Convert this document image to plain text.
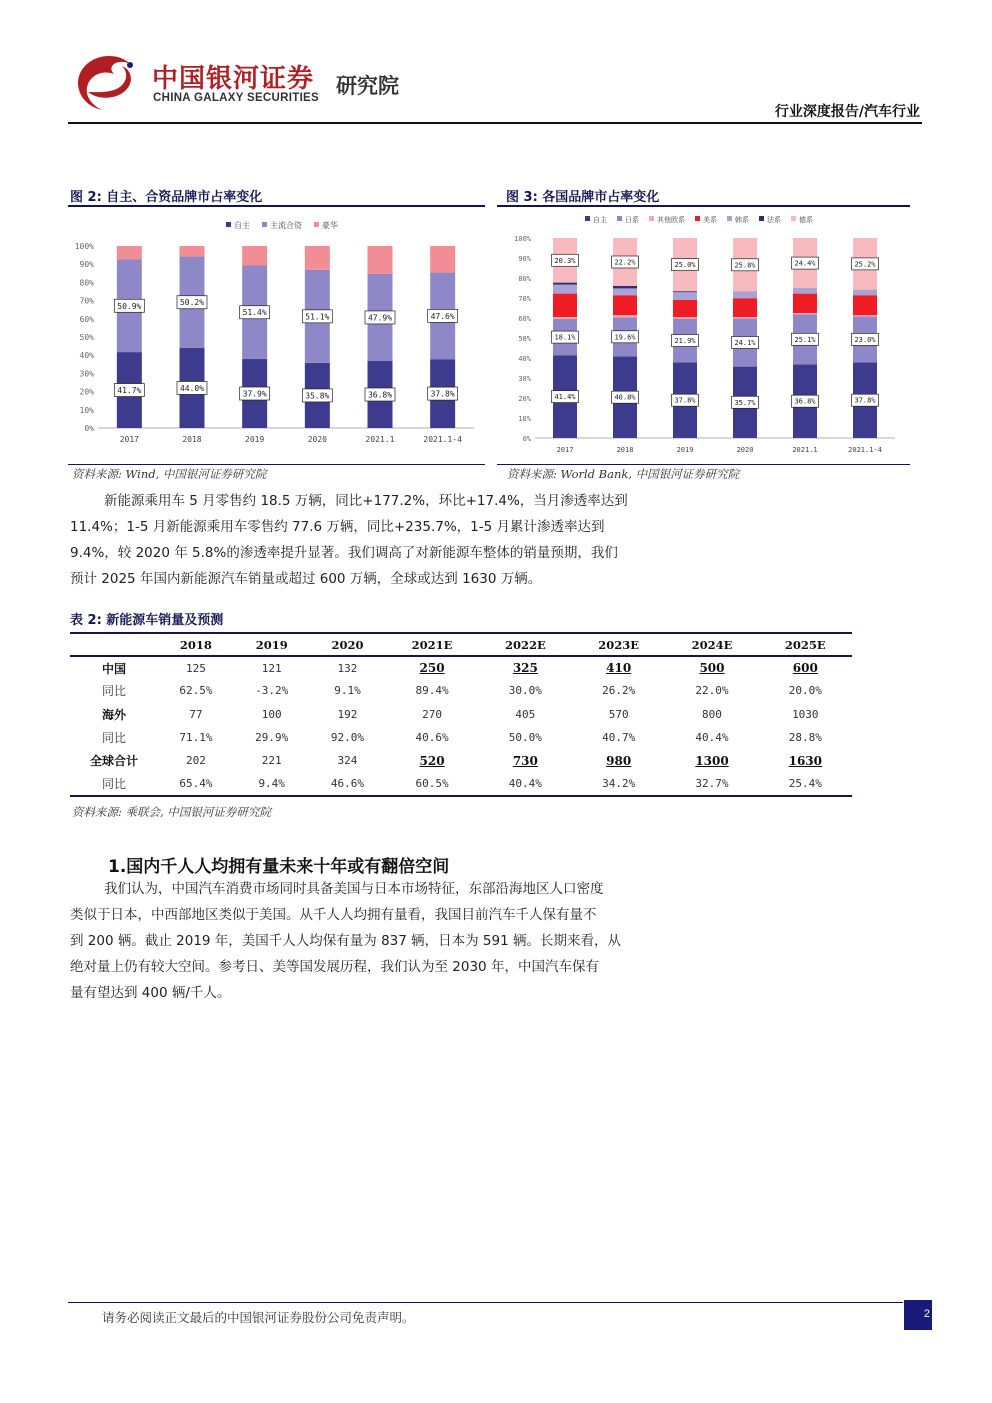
中国银河证券
CHINA GALAXY SECURITIES 研究院
行业深度报告/汽车行业
图 2: 自主、合资品牌市占率变化
0%
10%
20%
30%
40%
50%
60%
70%
80%
90%
100%
自主	主流合资	豪华
41.7%
50.9%
2017
44.0%
50.2%
2018
37.9%
51.4%
2019
35.8%
51.1%
2020
36.8%
47.9%
2021.1
37.8%
47.6%
2021.1-4
资料来源: Wind, 中国银河证券研究院
图 3: 各国品牌市占率变化
0%
10%
20%
30%
40%
50%
60%
70%
80%
90%
100%
自主	日系	其他欧系	美系	韩系	法系	德系
41.4%
18.1%
20.3%
2017
40.8%
19.6%
22.2%
2018
37.8%
21.9%
25.0%
2019
35.7%
24.1%
25.8%
2020
36.8%
25.1%
24.4%
2021.1
37.8%
23.0%
25.2%
2021.1-4
资料来源: World Bank, 中国银河证券研究院
新能源乘用车 5 月零售约 18.5 万辆，同比+177.2%，环比+17.4%，当月渗透率达到
11.4%；1-5 月新能源乘用车零售约 77.6 万辆，同比+235.7%，1-5 月累计渗透率达到
9.4%，较 2020 年 5.8%的渗透率提升显著。我们调高了对新能源车整体的销量预期，我们
预计 2025 年国内新能源汽车销量或超过 600 万辆，全球或达到 1630 万辆。
表 2: 新能源车销量及预测
	2018	2019	2020	2021E	2022E	2023E	2024E	2025E
中国	125	121	132	250	325	410	500	600
同比	62.5%	-3.2%	9.1%	89.4%	30.0%	26.2%	22.0%	20.0%
海外	77	100	192	270	405	570	800	1030
同比	71.1%	29.9%	92.0%	40.6%	50.0%	40.7%	40.4%	28.8%
全球合计	202	221	324	520	730	980	1300	1630
同比	65.4%	9.4%	46.6%	60.5%	40.4%	34.2%	32.7%	25.4%
资料来源: 乘联会, 中国银河证券研究院
1.国内千人人均拥有量未来十年或有翻倍空间
我们认为，中国汽车消费市场同时具备美国与日本市场特征，东部沿海地区人口密度
类似于日本，中西部地区类似于美国。从千人人均拥有量看，我国目前汽车千人保有量不
到 200 辆。截止 2019 年，美国千人人均保有量为 837 辆，日本为 591 辆。长期来看，从
绝对量上仍有较大空间。参考日、美等国发展历程，我们认为至 2030 年，中国汽车保有
量有望达到 400 辆/千人。
请务必阅读正文最后的中国银河证券股份公司免责声明。	2
